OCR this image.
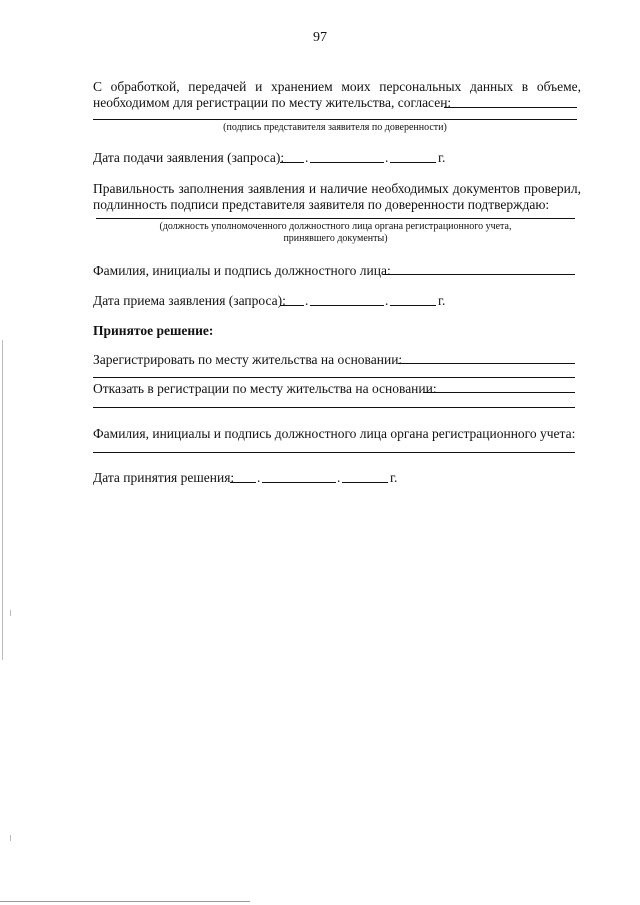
97
С обработкой, передачей и хранением моих персональных данных в объеме,
необходимом для регистрации по месту жительства, согласен:
(подпись представителя заявителя по доверенности)
Дата подачи заявления (запроса): .	.	г.
Правильность заполнения заявления и наличие необходимых документов проверил,
подлинность подписи представителя заявителя по доверенности подтверждаю:
(должность уполномоченного должностного лица органа регистрационного учета,
принявшего документы)
Фамилия, инициалы и подпись должностного лица:
Дата приема заявления (запроса): .	.	г.
Принятое решение:
Зарегистрировать по месту жительства на основании:
Отказать в регистрации по месту жительства на основании:
Фамилия, инициалы и подпись должностного лица органа регистрационного учета:
Дата принятия решения: .	.	г.
